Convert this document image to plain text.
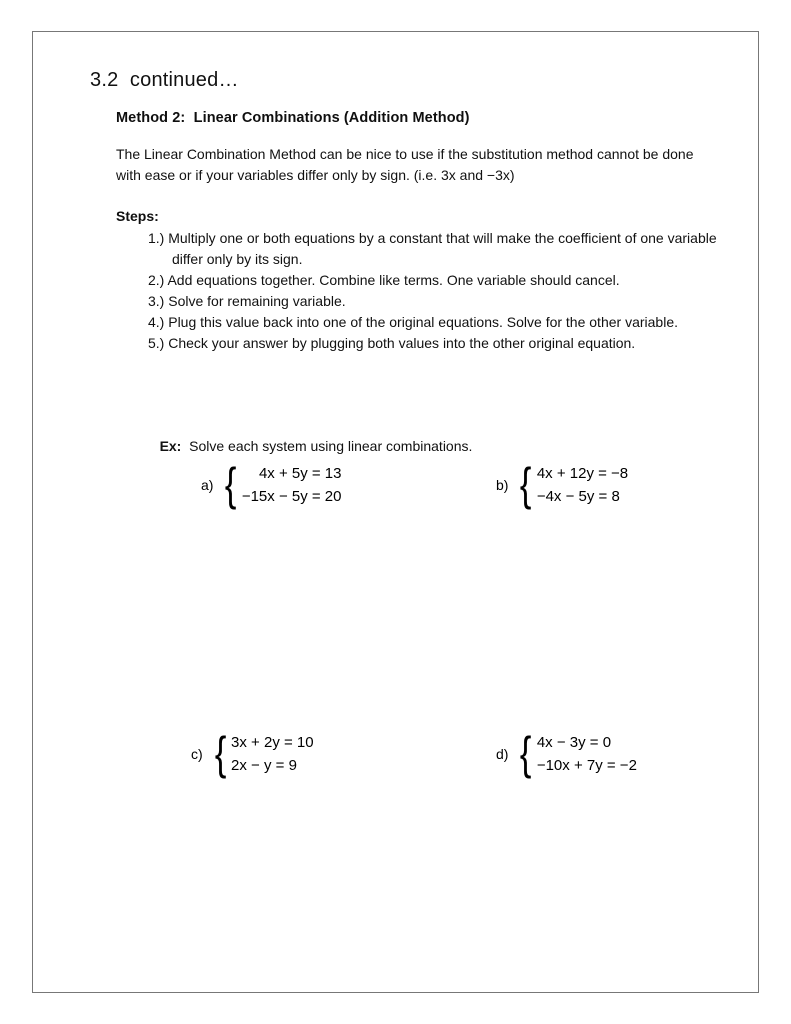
3.2  continued…
Method 2:  Linear Combinations (Addition Method)

The Linear Combination Method can be nice to use if the substitution method cannot be done with ease or if your variables differ only by sign. (i.e. 3x and −3x)

Steps:
1.) Multiply one or both equations by a constant that will make the coefficient of one variable differ only by its sign.
2.) Add equations together. Combine like terms. One variable should cancel.
3.) Solve for remaining variable.
4.) Plug this value back into one of the original equations. Solve for the other variable.
5.) Check your answer by plugging both values into the other original equation.

Ex:  Solve each system using linear combinations.

a) {	4x + 5y = 13
−15x − 5y = 20
b) { 4x + 12y = −8
−4x − 5y = 8
c) { 3x + 2y = 10
2x − y = 9
d) { 4x − 3y = 0
−10x + 7y = −2
